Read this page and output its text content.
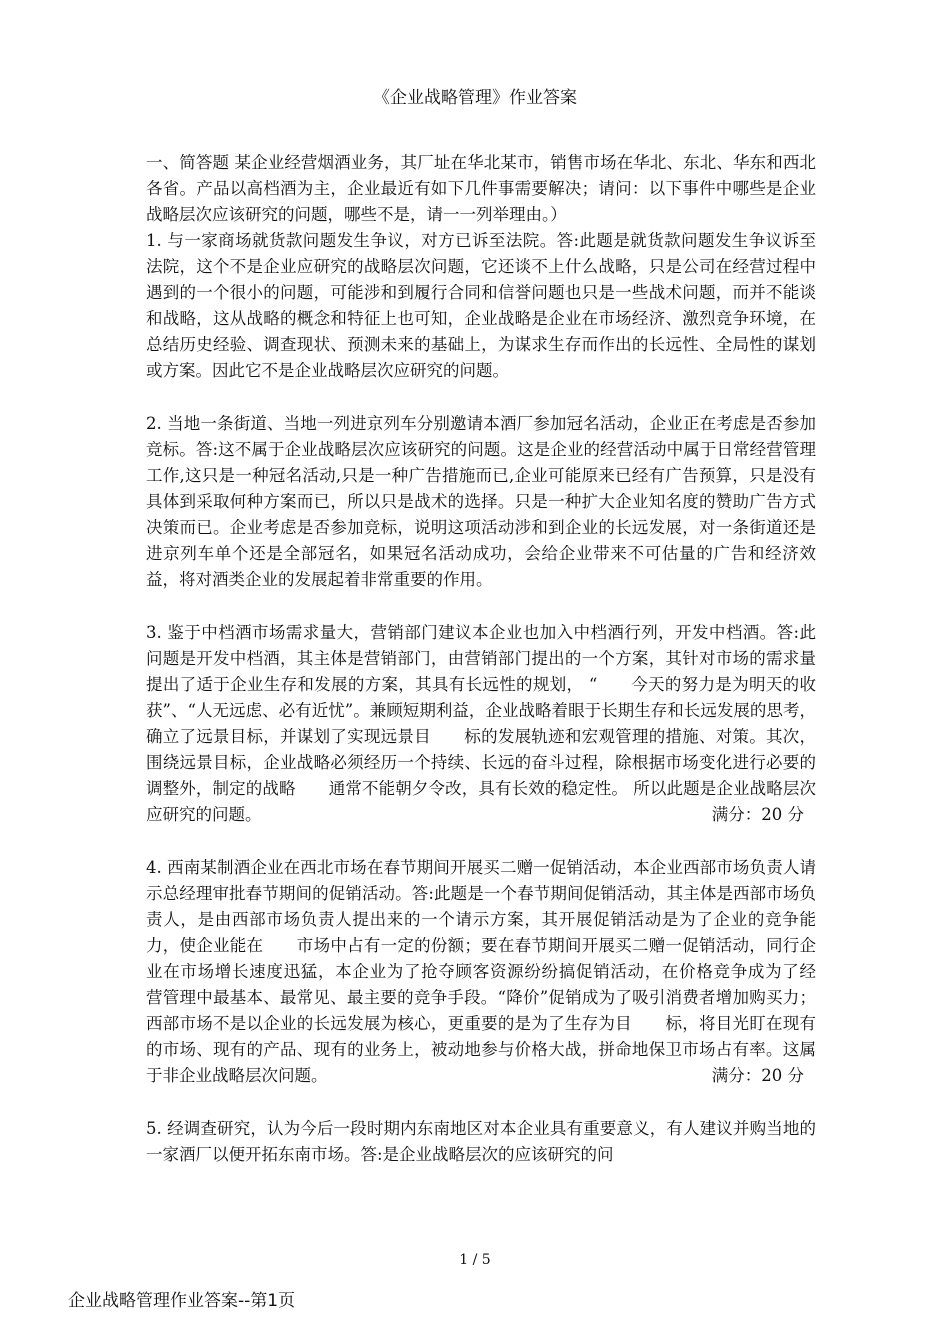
《企业战略管理》作业答案

一、简答题 某企业经营烟酒业务，其厂址在华北某市，销售市场在华北、东北、华东和西北各省。产品以高档酒为主，企业最近有如下几件事需要解决；请问：以下事件中哪些是企业战略层次应该研究的问题，哪些不是，请一一列举理由。）

1. 与一家商场就货款问题发生争议，对方已诉至法院。答:此题是就货款问题发生争议诉至法院，这个不是企业应研究的战略层次问题，它还谈不上什么战略，只是公司在经营过程中遇到的一个很小的问题，可能涉和到履行合同和信誉问题也只是一些战术问题，而并不能谈和战略，这从战略的概念和特征上也可知，企业战略是企业在市场经济、激烈竞争环境，在总结历史经验、调查现状、预测未来的基础上，为谋求生存而作出的长远性、全局性的谋划或方案。因此它不是企业战略层次应研究的问题。

2. 当地一条街道、当地一列进京列车分别邀请本酒厂参加冠名活动，企业正在考虑是否参加竞标。答:这不属于企业战略层次应该研究的问题。这是企业的经营活动中属于日常经营管理工作,这只是一种冠名活动,只是一种广告措施而已,企业可能原来已经有广告预算，只是没有具体到采取何种方案而已，所以只是战术的选择。只是一种扩大企业知名度的赞助广告方式决策而已。企业考虑是否参加竞标，说明这项活动涉和到企业的长远发展，对一条街道还是进京列车单个还是全部冠名，如果冠名活动成功，会给企业带来不可估量的广告和经济效益，将对酒类企业的发展起着非常重要的作用。

3. 鉴于中档酒市场需求量大，营销部门建议本企业也加入中档酒行列，开发中档酒。答:此问题是开发中档酒，其主体是营销部门，由营销部门提出的一个方案，其针对市场的需求量提出了适于企业生存和发展的方案，其具有长远性的规划， “　　今天的努力是为明天的收获”、“人无远虑、必有近忧”。兼顾短期利益，企业战略着眼于长期生存和长远发展的思考，确立了远景目标，并谋划了实现远景目　　标的发展轨迹和宏观管理的措施、对策。其次，围绕远景目标，企业战略必须经历一个持续、长远的奋斗过程，除根据市场变化进行必要的调整外，制定的战略　　通常不能朝夕令改，具有长效的稳定性。 所以此题是企业战略层次应研究的问题。	满分：20 分

4. 西南某制酒企业在西北市场在春节期间开展买二赠一促销活动，本企业西部市场负责人请示总经理审批春节期间的促销活动。答:此题是一个春节期间促销活动，其主体是西部市场负责人，是由西部市场负责人提出来的一个请示方案，其开展促销活动是为了企业的竞争能力，使企业能在　　市场中占有一定的份额；要在春节期间开展买二赠一促销活动，同行企业在市场增长速度迅猛，本企业为了抢夺顾客资源纷纷搞促销活动，在价格竞争成为了经　　营管理中最基本、最常见、最主要的竞争手段。“降价”促销成为了吸引消费者增加购买力；西部市场不是以企业的长远发展为核心，更重要的是为了生存为目　　标，将目光盯在现有的市场、现有的产品、现有的业务上，被动地参与价格大战，拼命地保卫市场占有率。这属于非企业战略层次问题。	满分：20 分

5. 经调查研究，认为今后一段时期内东南地区对本企业具有重要意义，有人建议并购当地的一家酒厂以便开拓东南市场。答:是企业战略层次的应该研究的问

1 / 5
企业战略管理作业答案--第1页
